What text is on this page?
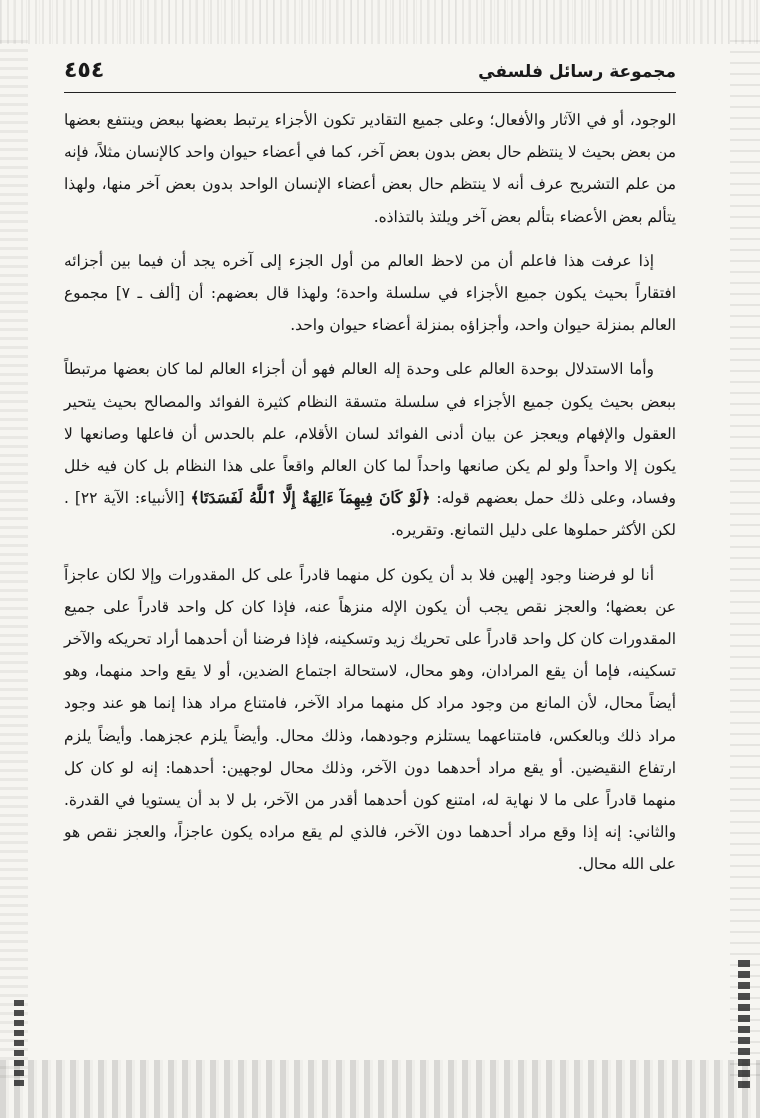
مجموعة رسائل فلسفي
٤٥٤

الوجود، أو في الآثار والأفعال؛ وعلى جميع التقادير تكون الأجزاء يرتبط بعضها ببعض وينتفع بعضها من بعض بحيث لا ينتظم حال بعض بدون بعض آخر، كما في أعضاء حيوان واحد كالإنسان مثلاً، فإنه من علم التشريح عرف أنه لا ينتظم حال بعض أعضاء الإنسان الواحد بدون بعض آخر منها، ولهذا يتألم بعض الأعضاء بتألم بعض آخر ويلتذ بالتذاذه.

إذا عرفت هذا فاعلم أن من لاحظ العالم من أول الجزء إلى آخره يجد أن فيما بين أجزائه افتقاراً بحيث يكون جميع الأجزاء في سلسلة واحدة؛ ولهذا قال بعضهم: أن [ألف ـ ٧] مجموع العالم بمنزلة حيوان واحد، وأجزاؤه بمنزلة أعضاء حيوان واحد.

وأما الاستدلال بوحدة العالم على وحدة إله العالم فهو أن أجزاء العالم لما كان بعضها مرتبطاً ببعض بحيث يكون جميع الأجزاء في سلسلة متسقة النظام كثيرة الفوائد والمصالح بحيث يتحير العقول والإفهام ويعجز عن بيان أدنى الفوائد لسان الأقلام، علم بالحدس أن فاعلها وصانعها لا يكون إلا واحداً ولو لم يكن صانعها واحداً لما كان العالم واقعاً على هذا النظام بل كان فيه خلل وفساد، وعلى ذلك حمل بعضهم قوله: ﴿لَوْ كَانَ فِيهِمَآ ءَالِهَةٌ إِلَّا ٱللَّهُ لَفَسَدَتَا﴾ [الأنبياء: الآية ٢٢] . لكن الأكثر حملوها على دليل التمانع. وتقريره.

أنا لو فرضنا وجود إلهين فلا بد أن يكون كل منهما قادراً على كل المقدورات وإلا لكان عاجزاً عن بعضها؛ والعجز نقص يجب أن يكون الإله منزهاً عنه، فإذا كان كل واحد قادراً على جميع المقدورات كان كل واحد قادراً على تحريك زيد وتسكينه، فإذا فرضنا أن أحدهما أراد تحريكه والآخر تسكينه، فإما أن يقع المرادان، وهو محال، لاستحالة اجتماع الضدين، أو لا يقع واحد منهما، وهو أيضاً محال، لأن المانع من وجود مراد كل منهما مراد الآخر، فامتناع مراد هذا إنما هو عند وجود مراد ذلك وبالعكس، فامتناعهما يستلزم وجودهما، وذلك محال. وأيضاً يلزم عجزهما. وأيضاً يلزم ارتفاع النقيضين. أو يقع مراد أحدهما دون الآخر، وذلك محال لوجهين: أحدهما: إنه لو كان كل منهما قادراً على ما لا نهاية له، امتنع كون أحدهما أقدر من الآخر، بل لا بد أن يستويا في القدرة. والثاني: إنه إذا وقع مراد أحدهما دون الآخر، فالذي لم يقع مراده يكون عاجزاً، والعجز نقص هو على الله محال.
